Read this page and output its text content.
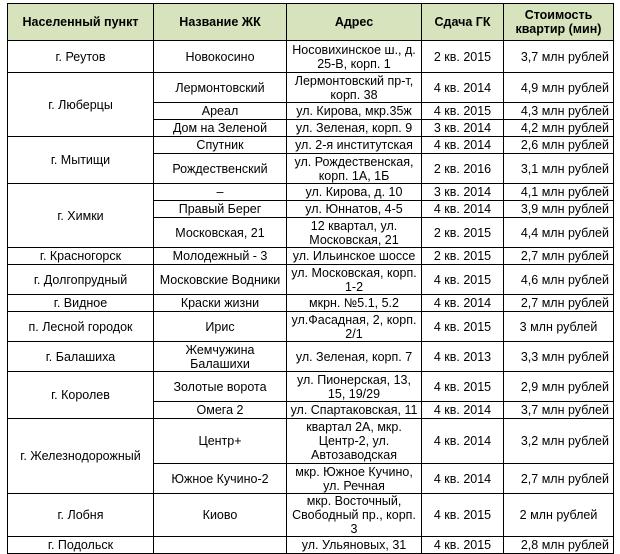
Населенный пункт	Название ЖК	Адрес	Сдача ГК	Стоимость квартир (мин)
г. Реутов	Новокосино	Носовихинское ш., д. 25-В, корп. 1	2 кв. 2015	3,7 млн рублей
г. Люберцы	Лермонтовский	Лермонтовский пр-т, корп. 38	4 кв. 2014	4,9 млн рублей
	Ареал	ул. Кирова, мкр.35ж	4 кв. 2015	4,3 млн рублей
	Дом на Зеленой	ул. Зеленая, корп. 9	3 кв. 2014	4,2 млн рублей
г. Мытищи	Спутник	ул. 2-я институтская	4 кв. 2014	2,6 млн рублей
	Рождественский	ул. Рождественская, корп. 1А, 1Б	2 кв. 2016	3,1 млн рублей
г. Химки	–	ул. Кирова, д. 10	3 кв. 2014	4,1 млн рублей
	Правый Берег	ул. Юннатов, 4-5	4 кв. 2014	3,9 млн рублей
	Московская, 21	12 квартал, ул. Московская, 21	2 кв. 2015	4,4 млн рублей
г. Красногорск	Молодежный - 3	ул. Ильинское шоссе	2 кв. 2015	2,7 млн рублей
г. Долгопрудный	Московские Водники	ул. Московская, корп. 1-2	4 кв. 2015	4,6 млн рублей
г. Видное	Краски жизни	мкрн. №5.1, 5.2	4 кв. 2014	2,7 млн рублей
п. Лесной городок	Ирис	ул.Фасадная, 2, корп. 2/1	4 кв. 2015	3 млн рублей
г. Балашиха	Жемчужина Балашихи	ул. Зеленая, корп. 7	4 кв. 2013	3,3 млн рублей
г. Королев	Золотые ворота	ул. Пионерская, 13, 15, 19/29	4 кв. 2015	2,9 млн рублей
	Омега 2	ул. Спартаковская, 11	4 кв. 2014	3,7 млн рублей
г. Железнодорожный	Центр+	квартал 2А, мкр. Центр-2, ул. Автозаводская	4 кв. 2014	3,2 млн рублей
	Южное Кучино-2	мкр. Южное Кучино, ул. Речная	4 кв. 2014	2,7 млн рублей
г. Лобня	Киово	мкр. Восточный, Свободный пр., корп. 3	4 кв. 2015	2 млн рублей
г. Подольск		ул. Ульяновых, 31	4 кв. 2015	2,8 млн рублей
